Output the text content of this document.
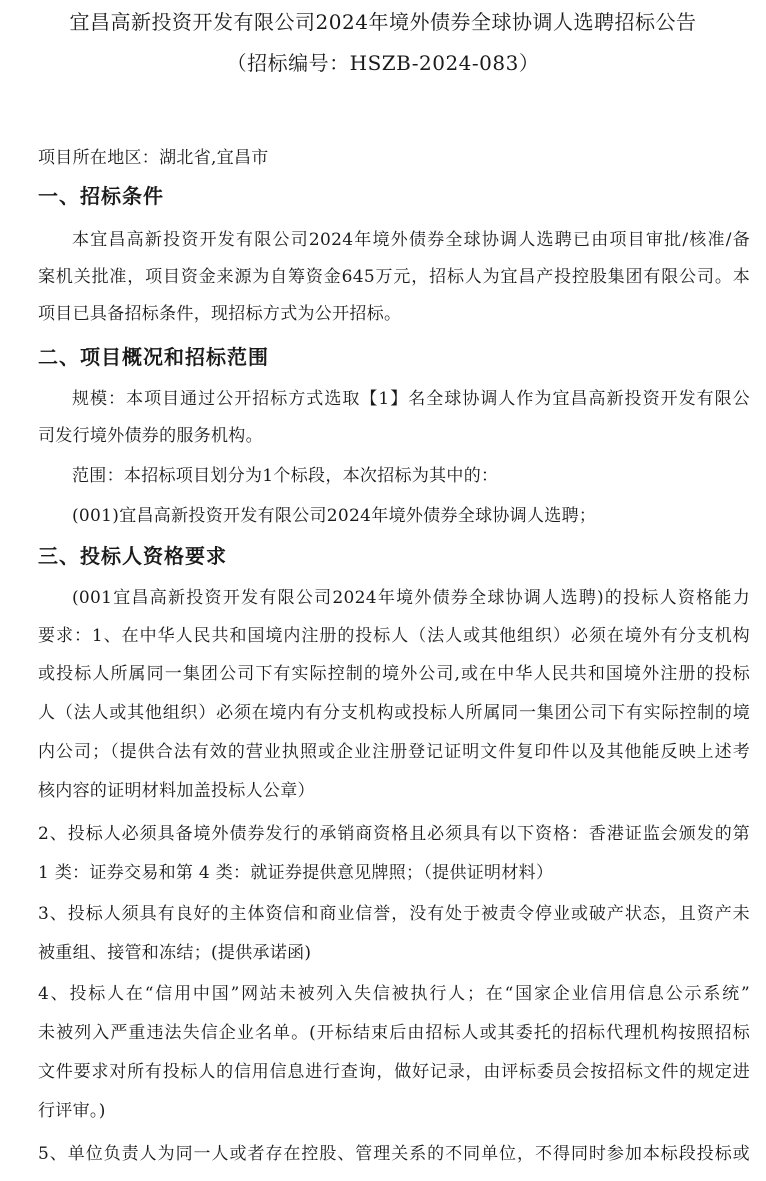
宜昌高新投资开发有限公司2024年境外债券全球协调人选聘招标公告
（招标编号：HSZB-2024-083）
项目所在地区：湖北省,宜昌市
一、招标条件
本宜昌高新投资开发有限公司2024年境外债券全球协调人选聘已由项目审批/核准/备
案机关批准，项目资金来源为自筹资金645万元，招标人为宜昌产投控股集团有限公司。本
项目已具备招标条件，现招标方式为公开招标。
二、项目概况和招标范围
规模：本项目通过公开招标方式选取【1】名全球协调人作为宜昌高新投资开发有限公
司发行境外债券的服务机构。
范围：本招标项目划分为1个标段，本次招标为其中的：
(001)宜昌高新投资开发有限公司2024年境外债券全球协调人选聘；
三、投标人资格要求
(001宜昌高新投资开发有限公司2024年境外债券全球协调人选聘)的投标人资格能力
要求：1、在中华人民共和国境内注册的投标人（法人或其他组织）必须在境外有分支机构
或投标人所属同一集团公司下有实际控制的境外公司,或在中华人民共和国境外注册的投标
人（法人或其他组织）必须在境内有分支机构或投标人所属同一集团公司下有实际控制的境
内公司；（提供合法有效的营业执照或企业注册登记证明文件复印件以及其他能反映上述考
核内容的证明材料加盖投标人公章）
2、投标人必须具备境外债券发行的承销商资格且必须具有以下资格：香港证监会颁发的第
1 类：证券交易和第 4 类：就证券提供意见牌照；（提供证明材料）
3、投标人须具有良好的主体资信和商业信誉，没有处于被责令停业或破产状态，且资产未
被重组、接管和冻结；(提供承诺函)
4、投标人在“信用中国”网站未被列入失信被执行人；在“国家企业信用信息公示系统”
未被列入严重违法失信企业名单。(开标结束后由招标人或其委托的招标代理机构按照招标
文件要求对所有投标人的信用信息进行查询，做好记录，由评标委员会按招标文件的规定进
行评审。)
5、单位负责人为同一人或者存在控股、管理关系的不同单位，不得同时参加本标段投标或
